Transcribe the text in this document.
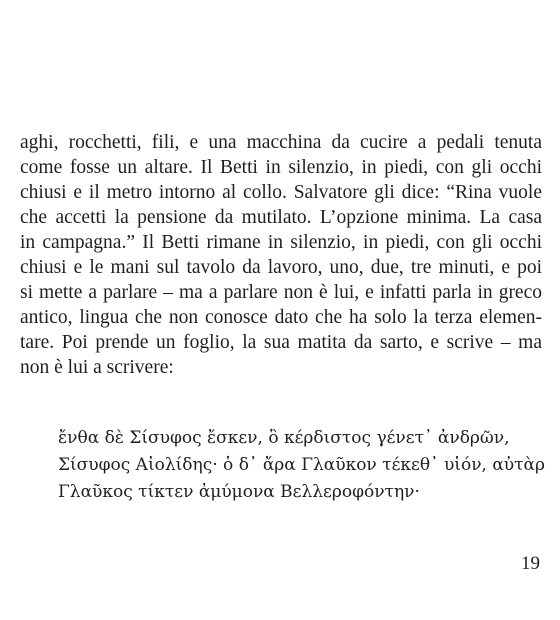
aghi, rocchetti, fili, e una macchina da cucire a pedali tenuta
come fosse un altare. Il Betti in silenzio, in piedi, con gli occhi
chiusi e il metro intorno al collo. Salvatore gli dice: “Rina vuole
che accetti la pensione da mutilato. L’opzione minima. La casa
in campagna.” Il Betti rimane in silenzio, in piedi, con gli occhi
chiusi e le mani sul tavolo da lavoro, uno, due, tre minuti, e poi
si mette a parlare – ma a parlare non è lui, e infatti parla in greco
antico, lingua che non conosce dato che ha solo la terza elemen-
tare. Poi prende un foglio, la sua matita da sarto, e scrive – ma
non è lui a scrivere:

ἔνθα δὲ Σίσυφος ἔσκεν, ὃ κέρδιστος γένετ᾽ ἀνδρῶν,
Σίσυφος Αἰολίδης· ὁ δ᾽ ἄρα Γλαῦκον τέκεθ᾽ υἱόν, αὐτὰρ
Γλαῦκος τίκτεν ἀμύμονα Βελλεροφόντην·
19
